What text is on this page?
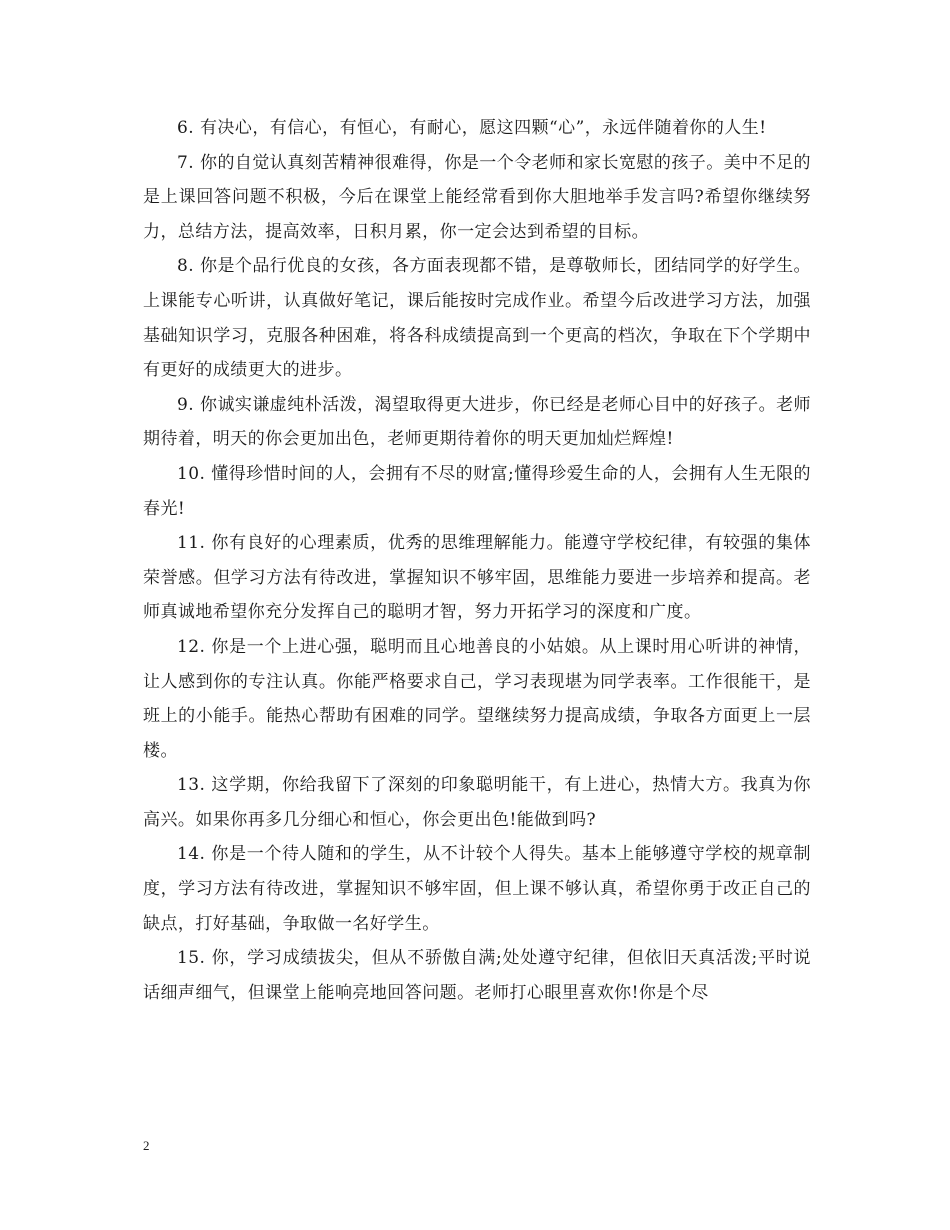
6. 有决心，有信心，有恒心，有耐心，愿这四颗“心”，永远伴随着你的人生!

7. 你的自觉认真刻苦精神很难得，你是一个令老师和家长宽慰的孩子。美中不足的是上课回答问题不积极，今后在课堂上能经常看到你大胆地举手发言吗?希望你继续努力，总结方法，提高效率，日积月累，你一定会达到希望的目标。

8. 你是个品行优良的女孩，各方面表现都不错，是尊敬师长，团结同学的好学生。上课能专心听讲，认真做好笔记，课后能按时完成作业。希望今后改进学习方法，加强基础知识学习，克服各种困难，将各科成绩提高到一个更高的档次，争取在下个学期中有更好的成绩更大的进步。

9. 你诚实谦虚纯朴活泼，渴望取得更大进步，你已经是老师心目中的好孩子。老师期待着，明天的你会更加出色，老师更期待着你的明天更加灿烂辉煌!

10. 懂得珍惜时间的人，会拥有不尽的财富;懂得珍爱生命的人，会拥有人生无限的春光!

11. 你有良好的心理素质，优秀的思维理解能力。能遵守学校纪律，有较强的集体荣誉感。但学习方法有待改进，掌握知识不够牢固，思维能力要进一步培养和提高。老师真诚地希望你充分发挥自己的聪明才智，努力开拓学习的深度和广度。

12. 你是一个上进心强，聪明而且心地善良的小姑娘。从上课时用心听讲的神情，让人感到你的专注认真。你能严格要求自己，学习表现堪为同学表率。工作很能干，是班上的小能手。能热心帮助有困难的同学。望继续努力提高成绩，争取各方面更上一层楼。

13. 这学期，你给我留下了深刻的印象聪明能干，有上进心，热情大方。我真为你高兴。如果你再多几分细心和恒心，你会更出色!能做到吗?

14. 你是一个待人随和的学生，从不计较个人得失。基本上能够遵守学校的规章制度，学习方法有待改进，掌握知识不够牢固，但上课不够认真，希望你勇于改正自己的缺点，打好基础，争取做一名好学生。

15. 你，学习成绩拔尖，但从不骄傲自满;处处遵守纪律，但依旧天真活泼;平时说话细声细气，但课堂上能响亮地回答问题。老师打心眼里喜欢你!你是个尽

2
